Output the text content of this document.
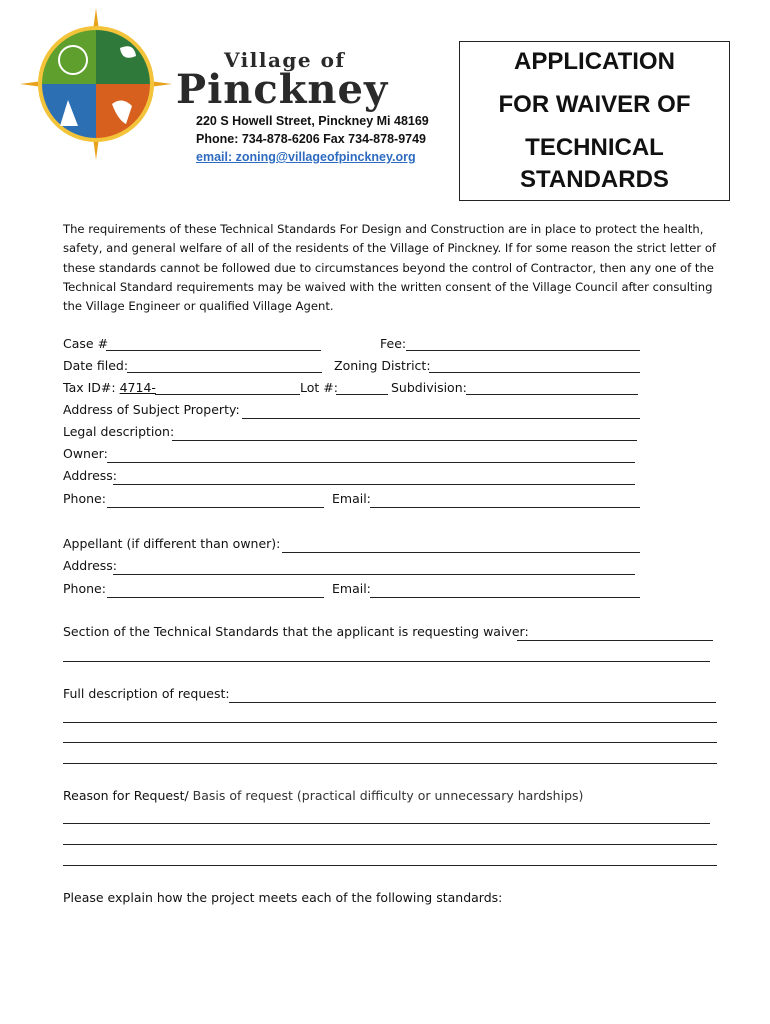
Village of
Pinckney
220 S Howell Street, Pinckney Mi 48169
Phone: 734-878-6206 Fax 734-878-9749
email: zoning@villageofpinckney.org
APPLICATION
FOR WAIVER OF
TECHNICAL
STANDARDS
The requirements of these Technical Standards For Design and Construction are in place to protect the health, safety, and general welfare of all of the residents of the Village of Pinckney. If for some reason the strict letter of these standards cannot be followed due to circumstances beyond the control of Contractor, then any one of the Technical Standard requirements may be waived with the written consent of the Village Council after consulting the Village Engineer or qualified Village Agent.
Case #	Fee:
Date filed:	Zoning District:
Tax ID#: 4714-	Lot #:	Subdivision:
Address of Subject Property:
Legal description:
Owner:
Address:
Phone:	Email:
Appellant (if different than owner):
Address:
Phone:	Email:
Section of the Technical Standards that the applicant is requesting waiver:
Full description of request:
Reason for Request/ Basis of request (practical difficulty or unnecessary hardships)
Please explain how the project meets each of the following standards:
